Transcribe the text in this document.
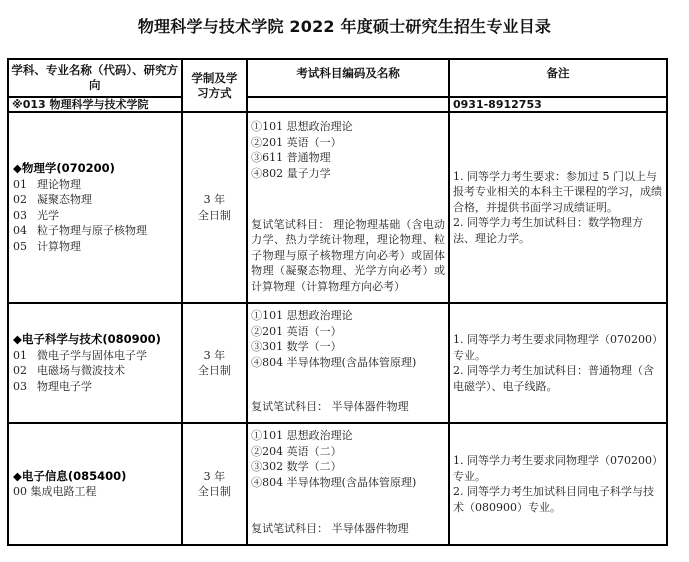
物理科学与技术学院 2022 年度硕士研究生招生专业目录
学科、专业名称（代码）、研究方向	学制及学习方式	考试科目编码及名称	备注
※013 物理科学与技术学院			0931-8912753

◆物理学(070200)
01 理论物理
02 凝聚态物理
03 光学
04 粒子物理与原子核物理
05 计算物理

3 年
全日制

①101 思想政治理论
②201 英语（一）
③611 普通物理
④802 量子力学
复试笔试科目： 理论物理基础（含电动力学、热力学统计物理，理论物理、粒子物理与原子核物理方向必考）或固体物理（凝聚态物理、光学方向必考）或计算物理（计算物理方向必考）

1. 同等学力考生要求：参加过 5 门以上与报考专业相关的本科主干课程的学习，成绩合格，并提供书面学习成绩证明。
2. 同等学力考生加试科目：数学物理方法、理论力学。

◆电子科学与技术(080900)
01 微电子学与固体电子学
02 电磁场与微波技术
03 物理电子学

3 年
全日制

①101 思想政治理论
②201 英语（一）
③301 数学（一）
④804 半导体物理(含晶体管原理)
复试笔试科目： 半导体器件物理

1. 同等学力考生要求同物理学（070200）专业。
2. 同等学力考生加试科目：普通物理（含电磁学）、电子线路。

◆电子信息(085400)
00 集成电路工程

3 年
全日制

①101 思想政治理论
②204 英语（二）
③302 数学（二）
④804 半导体物理(含晶体管原理)
复试笔试科目： 半导体器件物理

1. 同等学力考生要求同物理学（070200）专业。
2. 同等学力考生加试科目同电子科学与技术（080900）专业。
